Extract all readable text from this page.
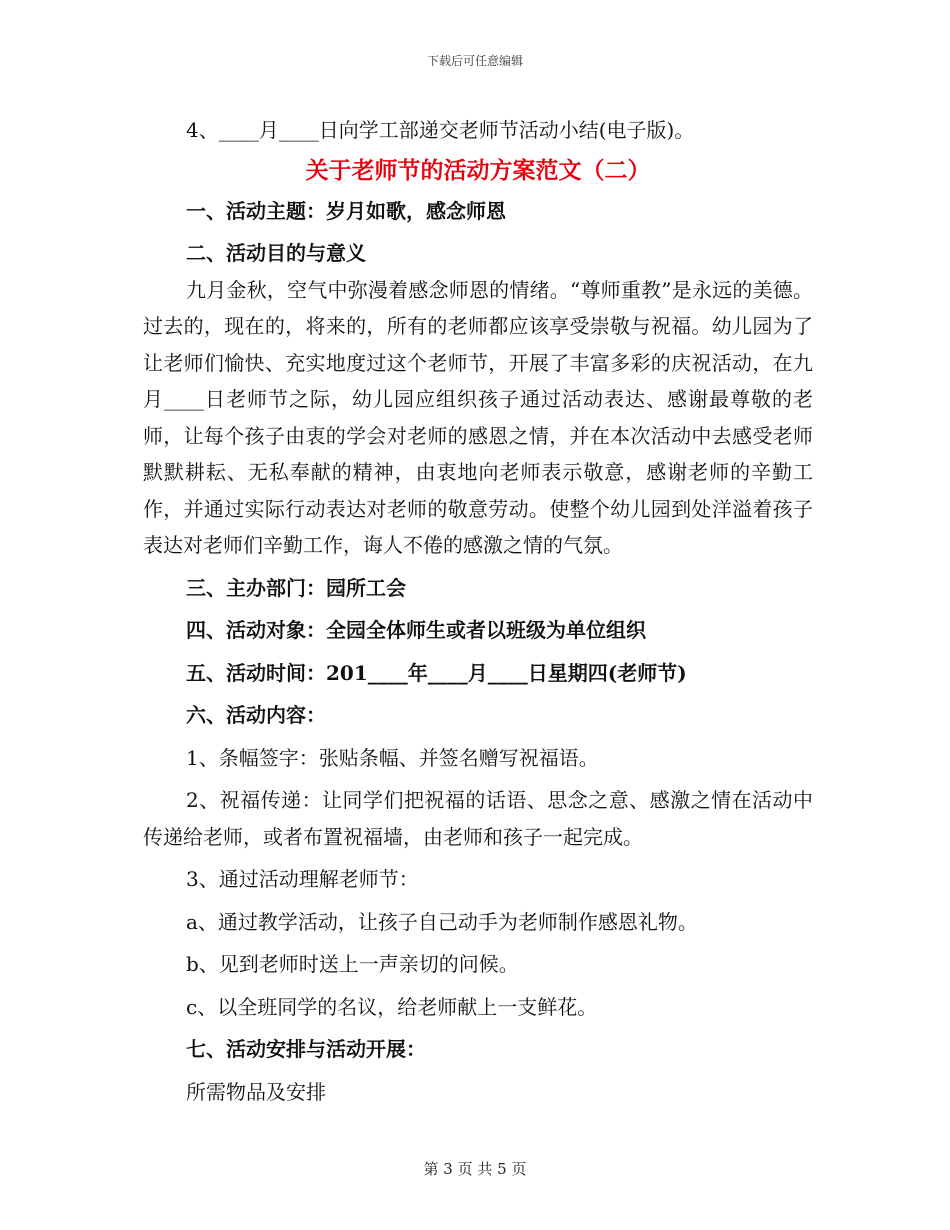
下载后可任意编辑
4、____月____日向学工部递交老师节活动小结(电子版)。
关于老师节的活动方案范文（二）
一、活动主题：岁月如歌，感念师恩
二、活动目的与意义
九月金秋，空气中弥漫着感念师恩的情绪。“尊师重教”是永远的美德。过去的，现在的，将来的，所有的老师都应该享受崇敬与祝福。幼儿园为了让老师们愉快、充实地度过这个老师节，开展了丰富多彩的庆祝活动，在九月____日老师节之际，幼儿园应组织孩子通过活动表达、感谢最尊敬的老师，让每个孩子由衷的学会对老师的感恩之情，并在本次活动中去感受老师默默耕耘、无私奉献的精神，由衷地向老师表示敬意，感谢老师的辛勤工作，并通过实际行动表达对老师的敬意劳动。使整个幼儿园到处洋溢着孩子表达对老师们辛勤工作，诲人不倦的感激之情的气氛。
三、主办部门：园所工会
四、活动对象：全园全体师生或者以班级为单位组织
五、活动时间：201____年____月____日星期四(老师节)
六、活动内容：
1、条幅签字：张贴条幅、并签名赠写祝福语。
2、祝福传递：让同学们把祝福的话语、思念之意、感激之情在活动中传递给老师，或者布置祝福墙，由老师和孩子一起完成。
3、通过活动理解老师节：
a、通过教学活动，让孩子自己动手为老师制作感恩礼物。
b、见到老师时送上一声亲切的问候。
c、以全班同学的名议，给老师献上一支鲜花。
七、活动安排与活动开展：
所需物品及安排
第 3 页 共 5 页
